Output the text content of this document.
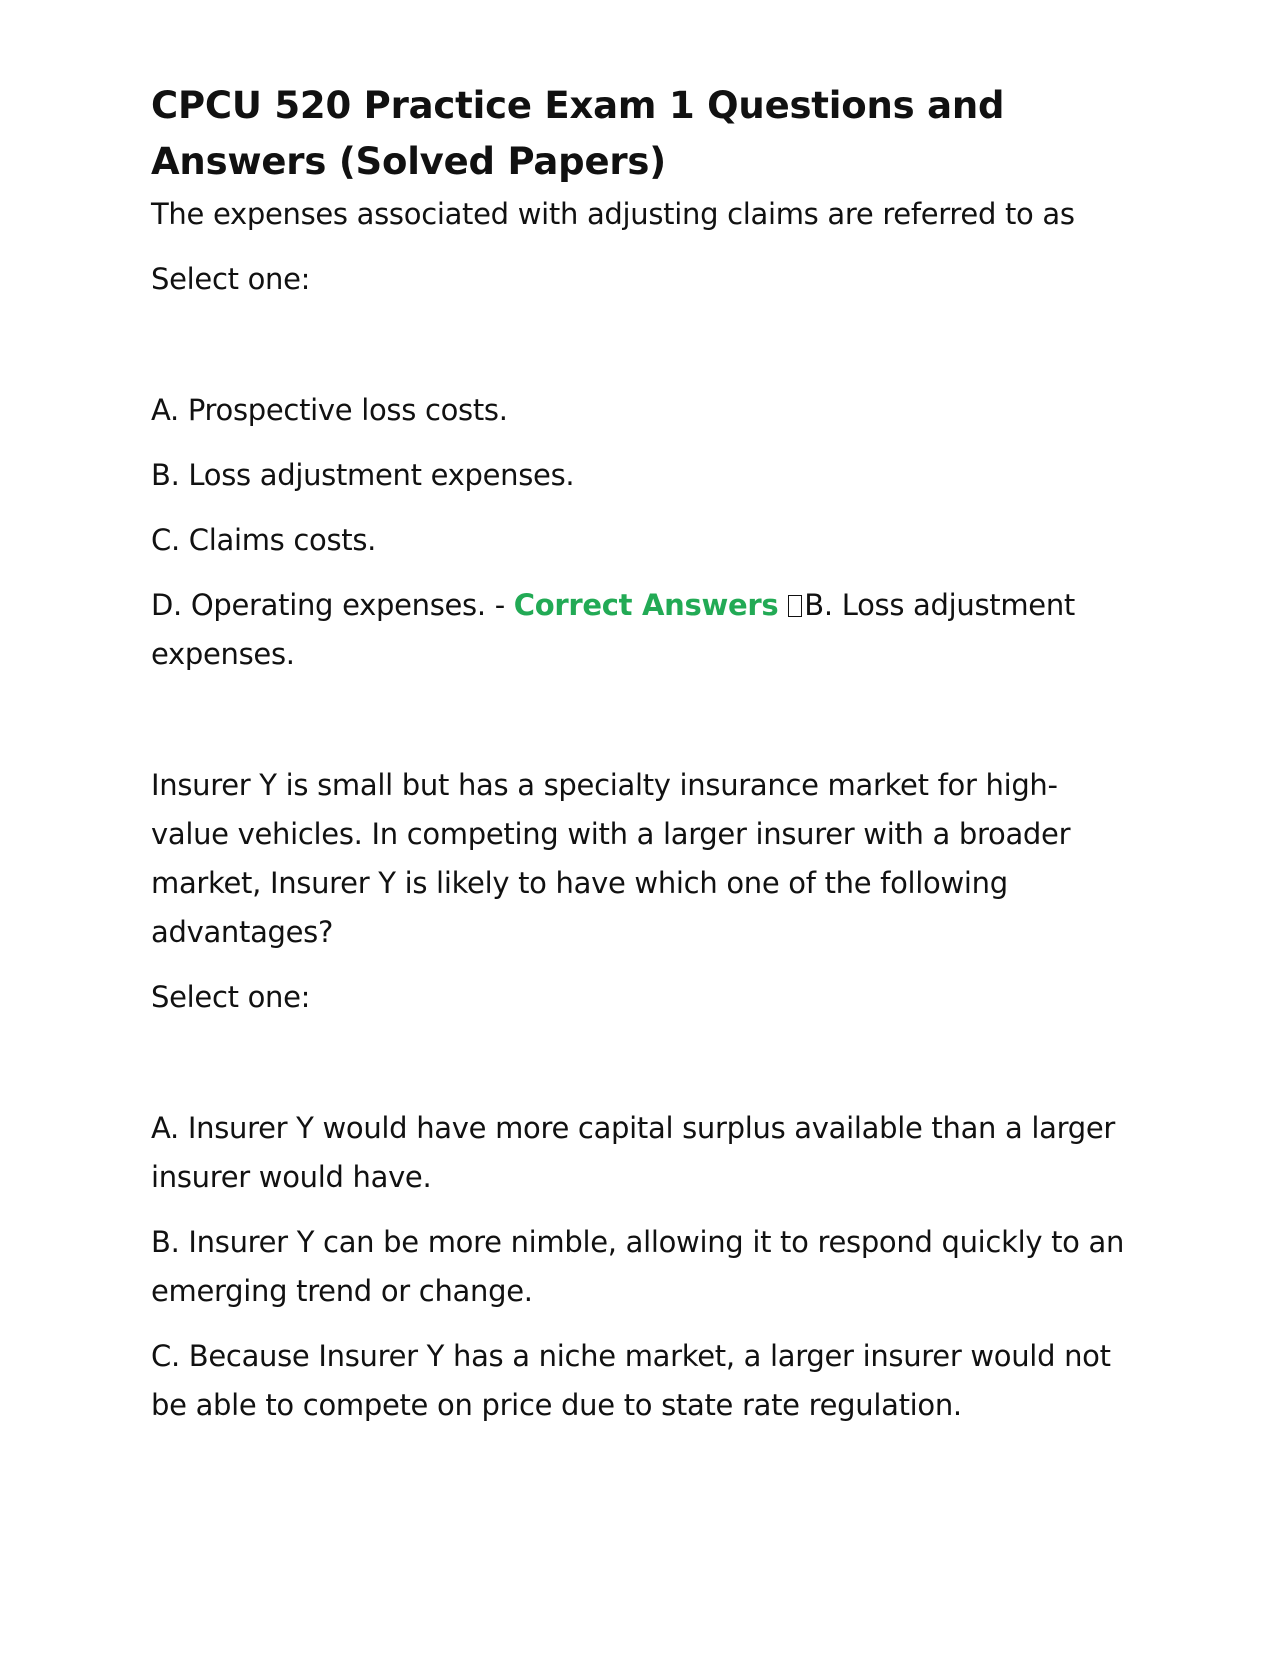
CPCU 520 Practice Exam 1 Questions and Answers (Solved Papers)

The expenses associated with adjusting claims are referred to as

Select one:

A. Prospective loss costs.

B. Loss adjustment expenses.

C. Claims costs.

D. Operating expenses. - Correct Answers B. Loss adjustment expenses.

Insurer Y is small but has a specialty insurance market for high-value vehicles. In competing with a larger insurer with a broader market, Insurer Y is likely to have which one of the following advantages?

Select one:

A. Insurer Y would have more capital surplus available than a larger insurer would have.

B. Insurer Y can be more nimble, allowing it to respond quickly to an emerging trend or change.

C. Because Insurer Y has a niche market, a larger insurer would not be able to compete on price due to state rate regulation.
